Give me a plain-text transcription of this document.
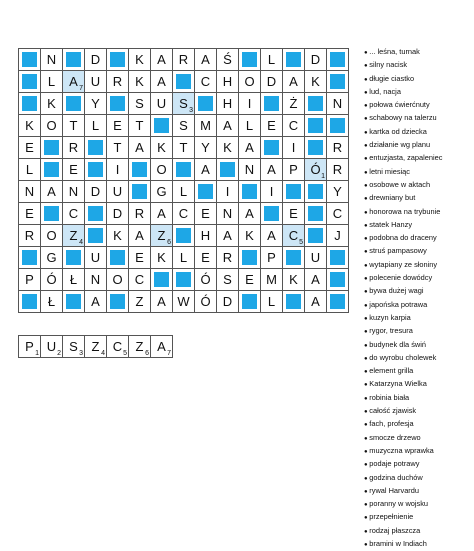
	N		D		K	A	R	A	Ś		L		D	

	L	A 7	U	R	K	A		C	H	O	D	A	K	

	K		Y		S	U	S 3		H	I		Ż		N
K	O	T	L	E	T		S	M	A	L	E	C	

E		R		T	A	K	T	Y	K	A		I		R
L		E		I		O		A		N	A	P	Ó 1	R
N	A	N	D	U		G	L		I		I			Y
E		C		D	R	A	C	E	N	A		E		C
R	O	Z 4		K	A	Z 6		H	A	K	A	C 5		J

	G		U		E	K	L	E	R		P		U	

P	Ó	Ł	N	O	C			Ó	S	E	M	K	A	

	Ł		A		Z	A	W	Ó	D		L		A	
P 1	U 2	S 3	Z 4	C 5	Z 6	A 7
● ... leśna, turnak
● silny nacisk
● długie ciastko
● lud, nacja
● połowa ćwierćnuty
● schabowy na talerzu
● kartka od dziecka
● działanie wg planu
● entuzjasta, zapaleniec
● letni miesiąc
● osobowe w aktach
● drewniany but
● honorowa na trybunie
● statek Hanzy
● podobna do draceny
● struś pampasowy
● wytapiany ze słoniny
● polecenie dowódcy
● bywa dużej wagi
● japońska potrawa
● kuzyn karpia
● rygor, tresura
● budynek dla świń
● do wyrobu cholewek
● element grilla
● Katarzyna Wielka
● robinia biała
● całość zjawisk
● fach, profesja
● smocze drzewo
● muzyczna wprawka
● podaje potrawy
● godzina duchów
● rywal Harvardu
● poranny w wojsku
● przepełnienie
● rodzaj płaszcza
● bramini w Indiach
